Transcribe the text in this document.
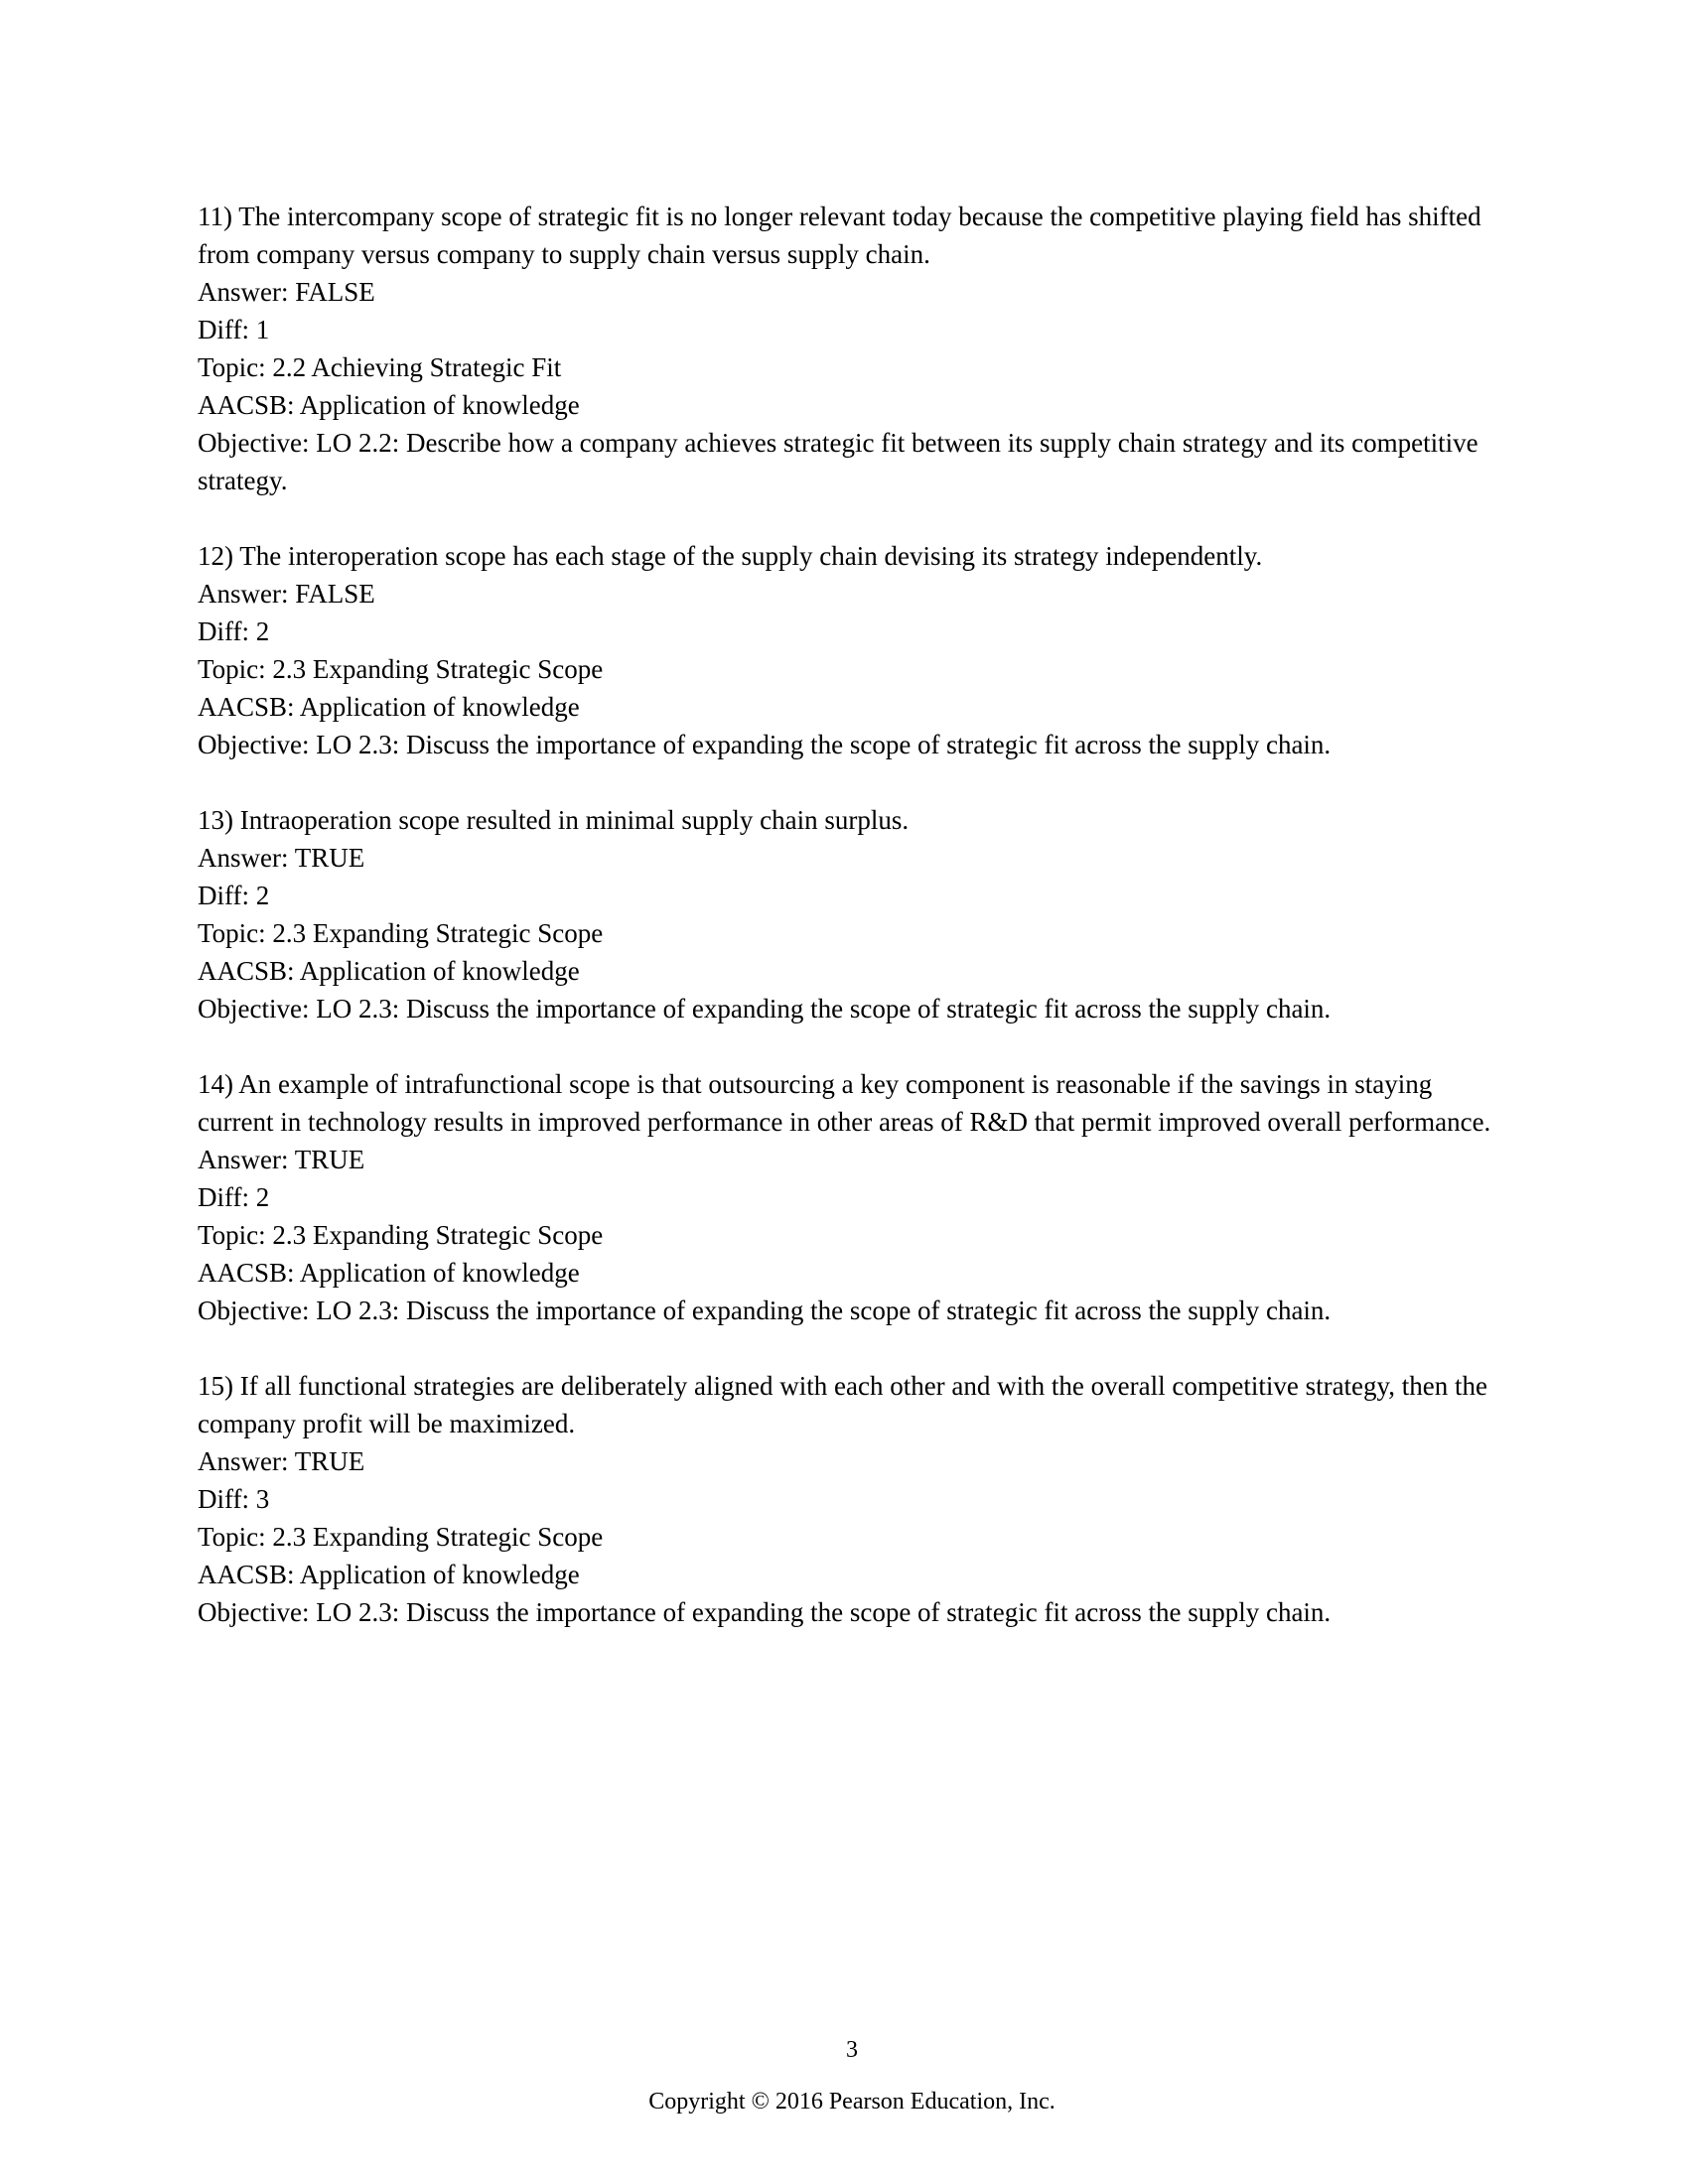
11) The intercompany scope of strategic fit is no longer relevant today because the competitive playing field has shifted from company versus company to supply chain versus supply chain.
Answer: FALSE
Diff: 1
Topic: 2.2 Achieving Strategic Fit
AACSB: Application of knowledge
Objective: LO 2.2: Describe how a company achieves strategic fit between its supply chain strategy and its competitive strategy.
12) The interoperation scope has each stage of the supply chain devising its strategy independently.
Answer: FALSE
Diff: 2
Topic: 2.3 Expanding Strategic Scope
AACSB: Application of knowledge
Objective: LO 2.3: Discuss the importance of expanding the scope of strategic fit across the supply chain.
13) Intraoperation scope resulted in minimal supply chain surplus.
Answer: TRUE
Diff: 2
Topic: 2.3 Expanding Strategic Scope
AACSB: Application of knowledge
Objective: LO 2.3: Discuss the importance of expanding the scope of strategic fit across the supply chain.
14) An example of intrafunctional scope is that outsourcing a key component is reasonable if the savings in staying current in technology results in improved performance in other areas of R&D that permit improved overall performance.
Answer: TRUE
Diff: 2
Topic: 2.3 Expanding Strategic Scope
AACSB: Application of knowledge
Objective: LO 2.3: Discuss the importance of expanding the scope of strategic fit across the supply chain.
15) If all functional strategies are deliberately aligned with each other and with the overall competitive strategy, then the company profit will be maximized.
Answer: TRUE
Diff: 3
Topic: 2.3 Expanding Strategic Scope
AACSB: Application of knowledge
Objective: LO 2.3: Discuss the importance of expanding the scope of strategic fit across the supply chain.
3
Copyright © 2016 Pearson Education, Inc.
